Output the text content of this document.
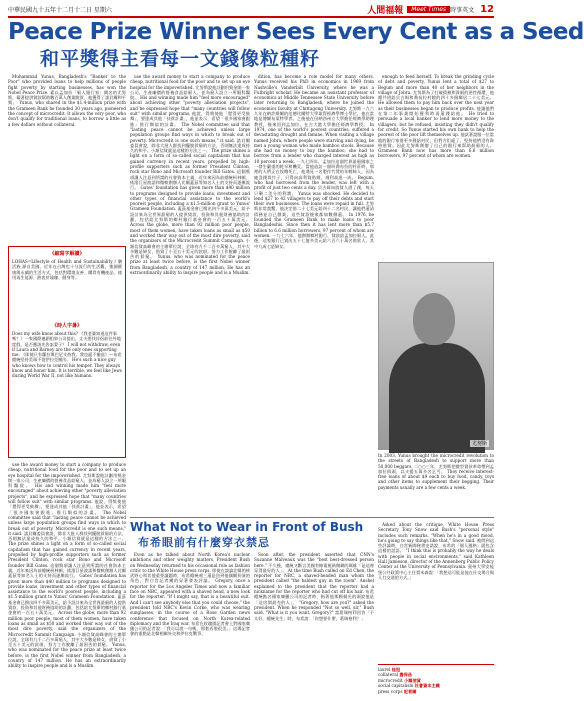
中華民國九十五年十二月十二日 星期六	人間福報	Meet Times 時事英文 12
Peace Prize Winner Sees Every Cent as a Seed
和平獎得主看每一文錢像粒種籽

Muhammad Yunus, Bangladesh's "Banker to the Poor" who provided loans to help millions of people fight poverty by starting businesses, has won the Nobel Peace Prize. 素以孟加拉「窮人銀行家」聞名的尤努斯，藉著提供貸款幫助數百萬人創業脫貧，他獲得了諾貝爾和平獎。 Yunus, who shared in the $1.4-million prize with the Grameen Bank he founded 30 years ago, pioneered the concept of microcredit. It allows the very poor, who don't qualify for traditional loans, to borrow a little as a few dollars without collateral.

use the award money to start a company to produce cheap, nutritional food for the poor and to set up an eye hospital for the impoverished. 尤努斯說他計劃用獎金開一家公司，生產廉價的營養食品給窮人，並為窮人設立一所眼科醫院。 His and winning made him "feel more encouraged" about achieving other "poverty alleviation projects", and he expressed hope that "many countries will follow suit" with similar programs. 他說，得獎使他「覺得更受鼓舞」，要達成其他「扶貧計畫」，他並表示，希望「很多國家會跟進」推行類似的計畫。 The Nobel committee said that "lasting peace cannot be achieved unless large population groups find ways in which to break out of poverty. Microcredit is one such means," it said. 諾貝爾委員會說，除非大批人群找到擺脫貧窮的方法，否則無法達成持久的和平。小額信貸就是這樣的方法之一。 The prize shines a light on a form of so-called social capitalism that has gained currency in recent years, propelled by high-profile supporters such as former President Clinton, rock star Bono and Microsoft founder Bill Gates. 這個獎項讓人注意到所謂的社會資本主義，近年來因為前總統柯林頓、搖滾巨星波諾和微軟創辦人比爾蓋茲等知名人士的支持而逐漸流行。 Gates' foundation has given more than $40 million to programs designed to provide loans, investment and other types of financial assistance to the world's poorest people, including a $1.5-million grant to Yunus' Grameen Foundation. 蓋茲基金會已撥出四千多萬美元，給予設計來為全世界最窮的人提供貸款、投資和其他財務協助的計劃，包括給尤努斯的鄉村銀行基金會的一百五十萬美元。 Across the globe, more than 92 million poor people, most of them women, have taken loans as small as $50 and worked their way out of the most dire poverty, said the organizers of the Microcredit Summit Campaign. 小額信貸高峰會的主辦單位說，全球有九千二百多萬窮人，其中大多數是婦女，借貸了小至五十美元的款項，努力工作脫離了最困苦的貧窮。 Yunus, who was nominated for the peace prize at least twice before, is the first Nobel winner from Bangladesh, a country of 147 million. He has an extraordinarily ability to inspire people and is a Muslim.

dition, has become a role model for many others. Yunus received his PhD in economics in 1969 from Nashville's Vanderbilt University, where he was a Fulbright scholar. He became an assistant professor of economics at Middle Tennessee State University before later returning to Bangladesh, where he joined the economics faculty at Chittagong University. 尤努斯一九六九年在納許維爾的范德比爾特大學取得經濟學博士學位，他在當地是傅爾布萊特學者。之後他在田納西州立大學擔任經濟學助理教授，後來回到孟加拉，在吉大港大學擔任經濟學教授。 In 1974, one of the world's poorest countries, suffered a devastating drought and famine. When visiting a village named Jobra, where people were starving and dying, he met a young woman who made bamboo stools. Because she had no money to buy the bamboo, she had to borrow from a lender who charged interest as high as 10 percent a week. 一九七四年，孟加拉這個世界最窮國家之一發生嚴重的乾旱和饑荒。當他造訪一個叫喬布拉的村莊時，那裡的人們正在挨餓死亡，他遇見一名製作竹凳的年輕婦人，因為她沒錢買竹子，只得向高利貸借錢，週利高達一成。 Begum, who had borrowed from the lender, was left with a profit of just two cents a day. 貝古姆向放貸人借了錢，每天只剩二美分的利潤。 Yunus was shocked. He decided to lend $27 to 42 villagers to pay off their debts and start their own businesses. The loans were repaid in full. 尤努斯非常震驚，他決定借二十七美元給四十二名村民，讓他們還清債務並自己創業。這些貸款後來都如數償還。 In 1976, he founded the Grameen Bank to make loans to poor Bangladeshis. Since then it has lent more than $5.7 billion to 6.6 million borrowers, 97 percent of whom are women. 一九七六年，他創辦鄉村銀行，貸款給孟加拉窮人。此後，這家銀行已貸出五十七億多美元給六百六十萬名借款人，其中九成七是婦女。

enough to feed herself. To break the grinding cycle of debt and poverty, Yunus lent a total of $27 to Begum and more than 40 of her neighbors in the village of Jobra. 尤努斯為了打破債務和貧窮的惡性循環，他總共借給貝古姆和喬布拉村她的四十多個鄰居二十七美元。 He allowed them to pay him back over the next year as their businesses began to produce profits. 他讓他們在第二年事業開始獲利時再還錢給他。 He tried to persuade a local banker to lend more money to the villagers, but he refused, insisting they didn't qualify for credit. So Yunus started his own bank to help the poorest of the poor lift themselves up. 他試著說服一位當地的銀行家借更多錢給村民，但對方拒絕了，堅持他們沒有資格借貸。因此尤努斯創辦了自己的銀行來幫助最窮的人。 Grameen Bank now has more than 6.6 million borrowers, 97 percent of whom are women.

《縮寫字解讀》
LOHAS=Lifestyle of Health and Sustainability / 樂活族 源自美國，近年在台灣也十分流行的生活觀，強調健康與永續的生活方式，包括對環境友善、購買有機產品、使用再生能源、熱衷於瑜珈、健身等。
《時人字暑》
Does my wife know about this? 《我老婆知道這件事嗎？》一家國際連鎖租車公司提出，丈夫要找伴侶前往外地度假，是否應該先告訴妻子？ I will not withdraw, even if Laura and Barney are the only ones supporting me. 《即使只有蘿拉與巴尼支持我，我也絕不撤退》—布希總統堅持美軍不從伊拉克撤出。 He's such a nice guy who knows how to control his temper. They always know and honor him. It is terrible, we feel like Jews during World War II, not like humans.
尤努斯

In 2003, Yunus brought the microcredit revolution to the streets of Bangladesh to support more than 50,000 beggars. 二○○三年，尤努斯把微型貸款革命帶到孟加拉街頭，以支援五萬多名乞丐。 They receive interest-free loans of about $9 each to buy food, candy, toys and other items to supplement their begging. Their payments usually are a few cents a week.

What Not to Wear in Front of Bush
布希眼前有什麼穿衣禁忌

use the award money to start a company to produce cheap, nutritional food for the poor and to set up an eye hospital for the impoverished. 尤努斯說他計劃用獎金開一家公司，生產廉價的營養食品給窮人，並為窮人設立一所眼科醫院。 His and winning made him "feel more encouraged" about achieving other "poverty alleviation projects", and he expressed hope that "many countries will follow suit" with similar programs. 他說，得獎使他「覺得更受鼓舞」，要達成其他「扶貧計畫」，他並表示，希望「很多國家會跟進」推行類似的計畫。 The Nobel committee said that "lasting peace cannot be achieved unless large population groups find ways in which to break out of poverty. Microcredit is one such means," it said. 諾貝爾委員會說，除非大批人群找到擺脫貧窮的方法，否則無法達成持久的和平。小額信貸就是這樣的方法之一。 The prize shines a light on a form of so-called social capitalism that has gained currency in recent years, propelled by high-profile supporters such as former President Clinton, rock star Bono and Microsoft founder Bill Gates. 這個獎項讓人注意到所謂的社會資本主義，近年來因為前總統柯林頓、搖滾巨星波諾和微軟創辦人比爾蓋茲等知名人士的支持而逐漸流行。 Gates' foundation has given more than $40 million to programs designed to provide loans, investment and other types of financial assistance to the world's poorest people, including a $1.5-million grant to Yunus' Grameen Foundation. 蓋茲基金會已撥出四千多萬美元，給予設計來為全世界最窮的人提供貸款、投資和其他財務協助的計劃，包括給尤努斯的鄉村銀行基金會的一百五十萬美元。 Across the globe, more than 92 million poor people, most of them women, have taken loans as small as $50 and worked their way out of the most dire poverty, said the organizers of the Microcredit Summit Campaign. 小額信貸高峰會的主辦單位說，全球有九千二百多萬窮人，其中大多數是婦女，借貸了小至五十美元的款項，努力工作脫離了最困苦的貧窮。 Yunus, who was nominated for the peace prize at least twice before, is the first Nobel winner from Bangladesh, a country of 147 million. He has an extraordinarily ability to inspire people and is a Muslim.

Even as he talked about North Korea's nuclear ambitions and other weighty matters, President Bush on Wednesday returned to his occasional role as fashion critic to the White House press corps. 即使在談論北韓的核武野心和其他重要議題時，布希總統週三還是回到他偶爾扮演的角色，對白宮記者團的穿著發表評論。 Gregory, once a reporter for the Los Angeles Times and now a familiar face on NBC, appeared with a shaved head, a new look for the reporter. "If I might say, that is a beautiful suit. And I can't see anybody else that you could choose," the president told NBC's Kevin Corke, who was wearing sunglasses, in the course of a Rose Garden news conference that focused on North Korea-related diplomacy and the Iraq war. 布希在玫瑰園記者會上對國家廣播公司的記者說：「我可以說一句嗎，那套西裝很美。」這場記者會的重點是北韓相關外交和伊拉克戰爭。

Soon after, the president asserted that CNN's Suzanne Malveaux was the "best best-dressed person here." 不久後，總統又斷言美國有線電視新聞網的瑪維「是這裡穿得最好的人」。 At the time Bush called on Ed Chen, the reporter for NBC, a shaved-headed man whom the president called "the baldest guy in the room". Anshel explained to the president that the reporter had a nickname for the reporter who had cut off his hair. 布希總統點名國家廣播公司的記者時，指著他那顆剃光的頭說他是「這房間最禿的人」。 "Gregory, how are you?" asked the president. When he responded "Not so well, sir," Bush said, "What is it you want, Gregory?" 當葛瑞格利回答「不太好，總統先生」時，布希說：「你想要什麼，葛瑞格利？」

Asked about the critique, White House Press Secretary Tony Snow said Bush's "personal style" includes such remarks. "When he's in a good mood, he's going to say things like that," Snow said. 被問到這些評論時，白宮新聞秘書史諾說，布希的「個人風格」就包含這樣的話語。 "I think this is probably the way he deals with people in social environments," said Kathleen Hall Jamieson, director of the Annenberg Public Policy Center at the University of Pennsylvania. 賓州大學安能堡公共政策中心主任賈米森說：「我想這可能是他在社交場合與人打交道的方式。」

laurel 桂冠
collateral 擔保品
microcredit 小額信貸
social capitalism 社會資本主義
press corps 記者團
